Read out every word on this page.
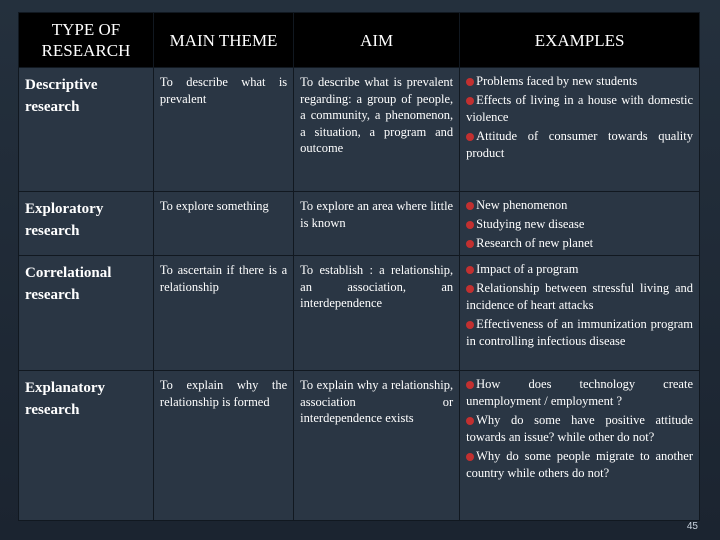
TYPE OF RESEARCH	MAIN THEME	AIM	EXAMPLES
Descriptive research	To describe what is prevalent	To describe what is prevalent regarding: a group of people, a community, a phenomenon, a situation, a program and outcome	Problems faced by new students
Effects of living in a house with domestic violence
Attitude of consumer towards quality product

Exploratory research	To explore something	To explore an area where little is known	New phenomenon
Studying new disease
Research of new planet

Correlational research	To ascertain if there is a relationship	To establish : a relationship, an association, an interdependence	Impact of a program
Relationship between stressful living and incidence of heart attacks
Effectiveness of an immunization program in controlling infectious disease

Explanatory research	To explain why the relationship is formed	To explain why a relationship, association or interdependence exists	How does technology create unemployment / employment ?
Why do some have positive attitude towards an issue? while other do not?
Why do some people migrate to another country while others do not?
45
